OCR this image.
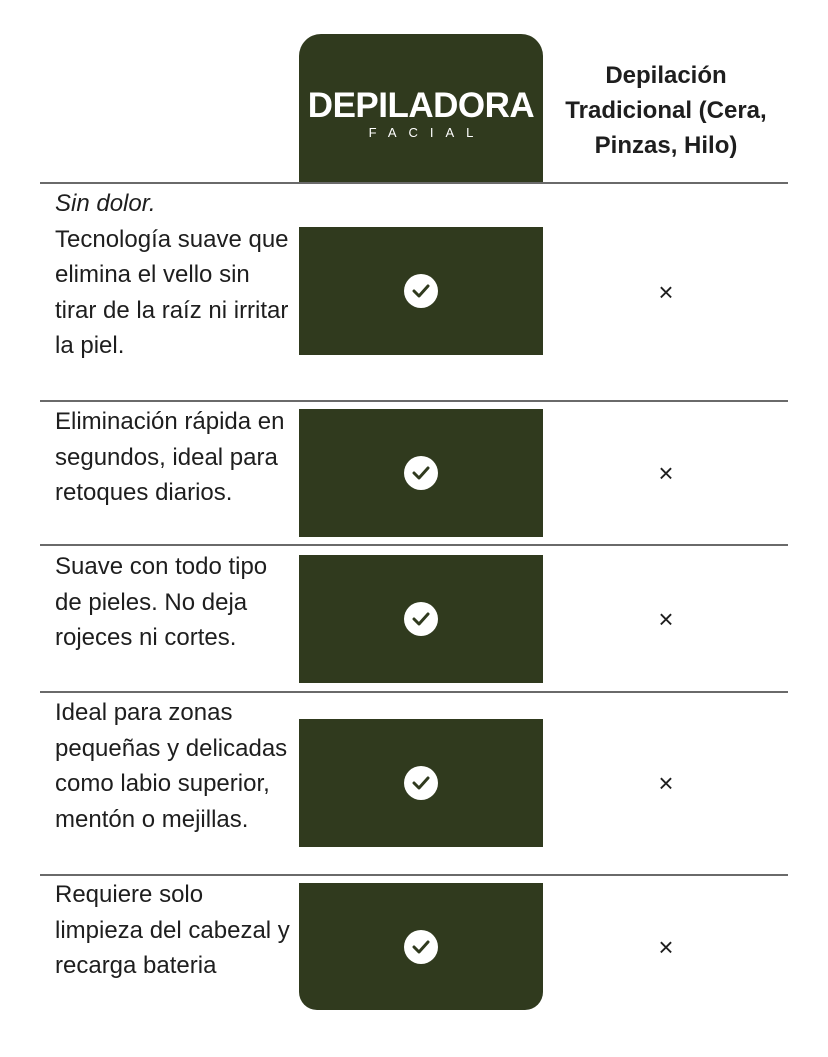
DEPILADORA
FACIAL
Depilación Tradicional (Cera, Pinzas, Hilo)
Sin dolor.
Tecnología suave que elimina el vello sin tirar de la raíz ni irritar la piel.
×
Eliminación rápida en segundos, ideal para retoques diarios.
×
Suave con todo tipo de pieles. No deja rojeces ni cortes.
×
Ideal para zonas pequeñas y delicadas como labio superior, mentón o mejillas.
×
Requiere solo limpieza del cabezal y recarga bateria
×
